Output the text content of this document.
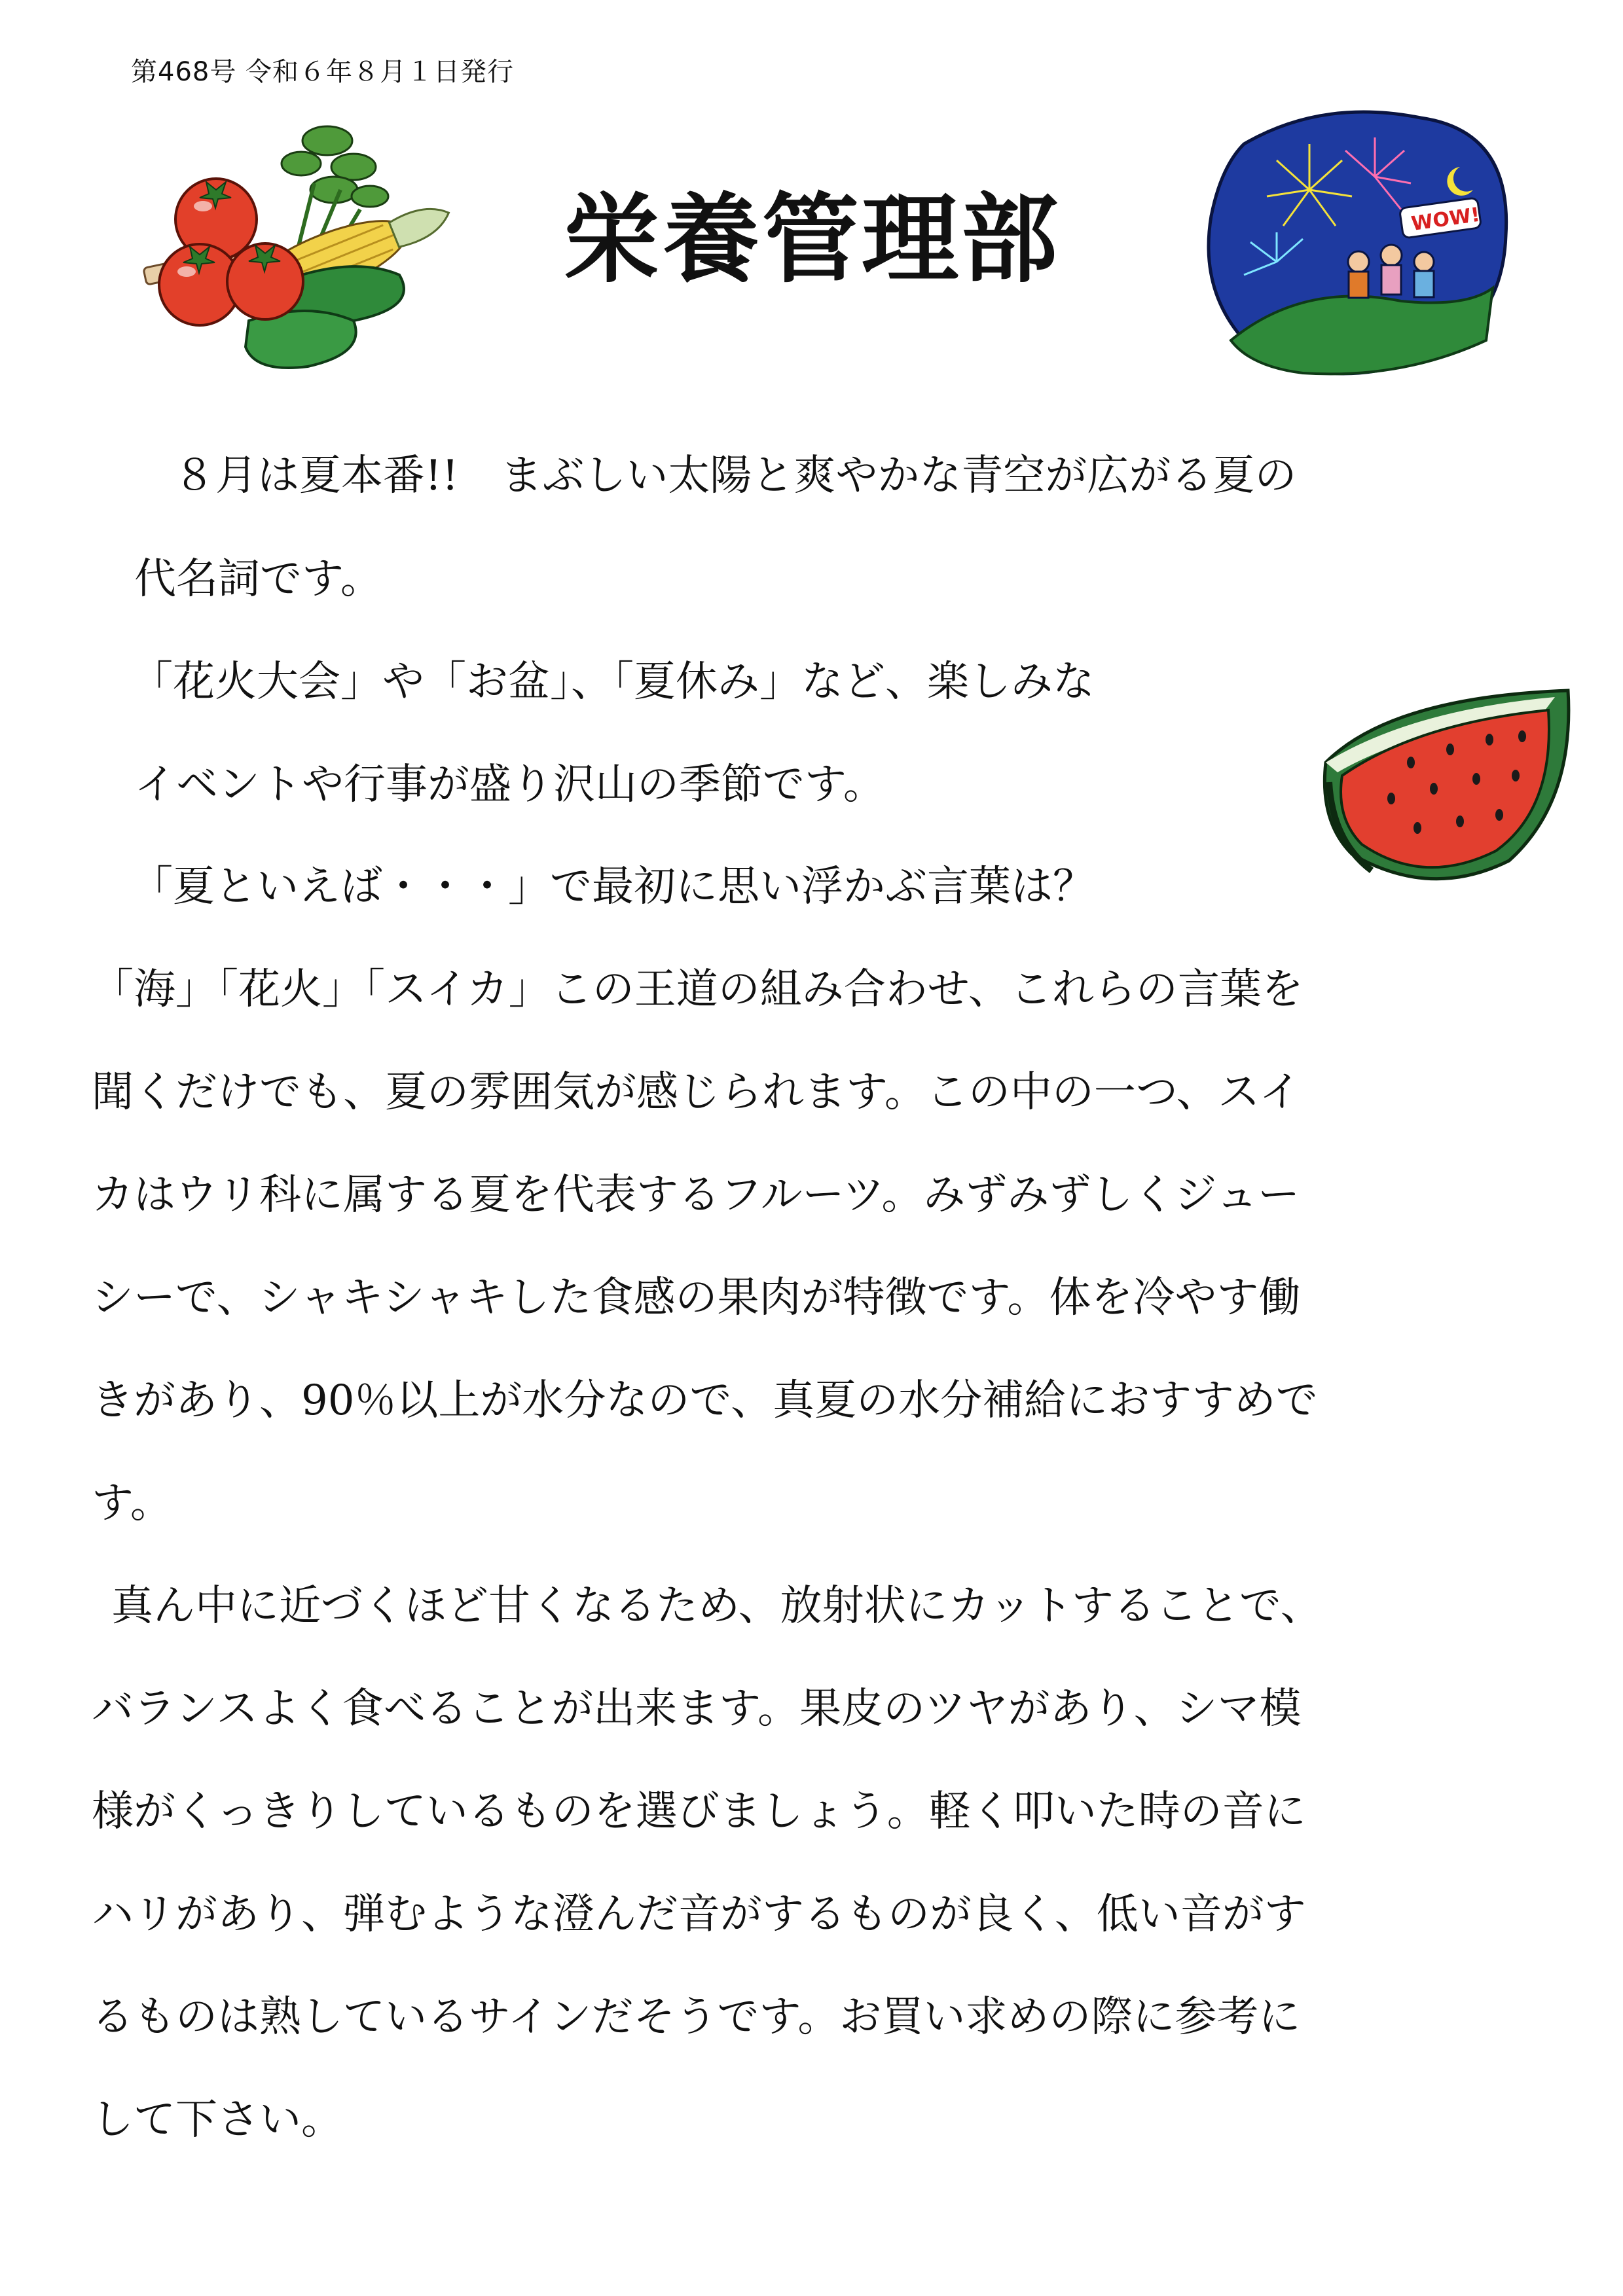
第468号 令和６年８月１日発行
栄養管理部	WOW!
８月は夏本番!!　まぶしい太陽と爽やかな青空が広がる夏の
代名詞です。
「花火大会」や「お盆」、「夏休み」など、楽しみな
イベントや行事が盛り沢山の季節です。
「夏といえば・・・」で最初に思い浮かぶ言葉は？
「海」「花火」「スイカ」この王道の組み合わせ、これらの言葉を
聞くだけでも、夏の雰囲気が感じられます。この中の一つ、スイ
カはウリ科に属する夏を代表するフルーツ。みずみずしくジュー
シーで、シャキシャキした食感の果肉が特徴です。体を冷やす働
きがあり、90％以上が水分なので、真夏の水分補給におすすめで
す。
真ん中に近づくほど甘くなるため、放射状にカットすることで、
バランスよく食べることが出来ます。果皮のツヤがあり、シマ模
様がくっきりしているものを選びましょう。軽く叩いた時の音に
ハリがあり、弾むような澄んだ音がするものが良く、低い音がす
るものは熟しているサインだそうです。お買い求めの際に参考に
して下さい。
